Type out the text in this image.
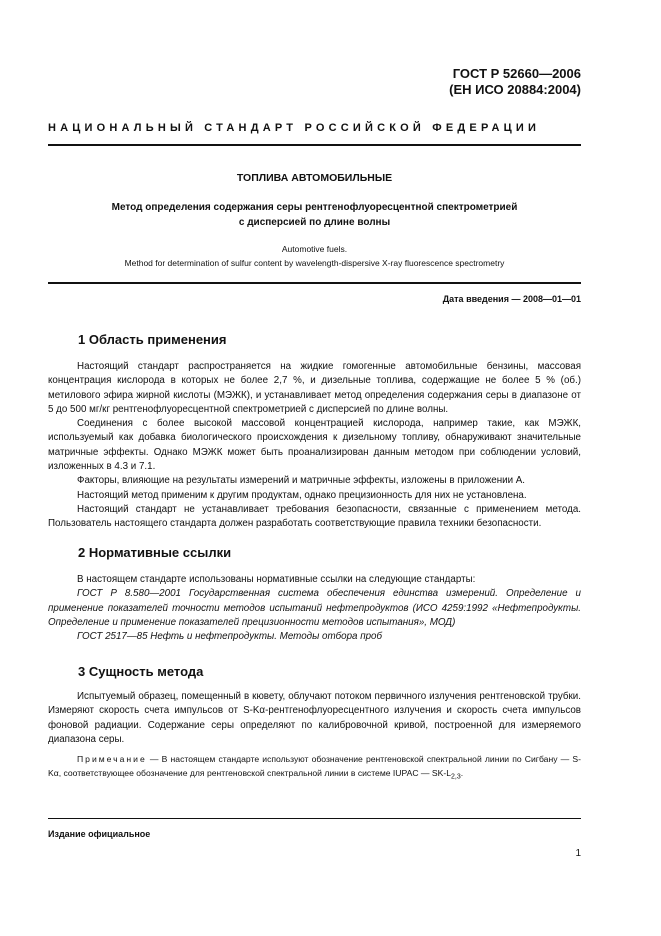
ГОСТ Р 52660—2006
(ЕН ИСО 20884:2004)
НАЦИОНАЛЬНЫЙ СТАНДАРТ РОССИЙСКОЙ ФЕДЕРАЦИИ
ТОПЛИВА АВТОМОБИЛЬНЫЕ
Метод определения содержания серы рентгенофлуоресцентной спектрометрией
с дисперсией по длине волны
Automotive fuels.
Method for determination of sulfur content by wavelength-dispersive X-ray fluorescence spectrometry
Дата введения — 2008—01—01
1 Область применения

Настоящий стандарт распространяется на жидкие гомогенные автомобильные бензины, массовая концентрация кислорода в которых не более 2,7 %, и дизельные топлива, содержащие не более 5 % (об.) метилового эфира жирной кислоты (МЭЖК), и устанавливает метод определения содержания серы в диапазоне от 5 до 500 мг/кг рентгенофлуоресцентной спектрометрией с дисперсией по длине волны.

Соединения с более высокой массовой концентрацией кислорода, например такие, как МЭЖК, используемый как добавка биологического происхождения к дизельному топливу, обнаруживают значительные матричные эффекты. Однако МЭЖК может быть проанализирован данным методом при соблюдении условий, изложенных в 4.3 и 7.1.

Факторы, влияющие на результаты измерений и матричные эффекты, изложены в приложении А.

Настоящий метод применим к другим продуктам, однако прецизионность для них не установлена.

Настоящий стандарт не устанавливает требования безопасности, связанные с применением метода. Пользователь настоящего стандарта должен разработать соответствующие правила техники безопасности.

2 Нормативные ссылки

В настоящем стандарте использованы нормативные ссылки на следующие стандарты:

ГОСТ Р 8.580—2001 Государственная система обеспечения единства измерений. Определение и применение показателей точности методов испытаний нефтепродуктов (ИСО 4259:1992 «Нефтепродукты. Определение и применение показателей прецизионности методов испытания», МОД)

ГОСТ 2517—85 Нефть и нефтепродукты. Методы отбора проб

3 Сущность метода

Испытуемый образец, помещенный в кювету, облучают потоком первичного излучения рентгеновской трубки. Измеряют скорость счета импульсов от S-Kα-рентгенофлуоресцентного излучения и скорость счета импульсов фоновой радиации. Содержание серы определяют по калибровочной кривой, построенной для измеряемого диапазона серы.

Примечание — В настоящем стандарте используют обозначение рентгеновской спектральной линии по Сигбану — S-Kα, соответствующее обозначение для рентгеновской спектральной линии в системе IUPAC — $SK-L_{2,3}$.

Издание официальное
1
